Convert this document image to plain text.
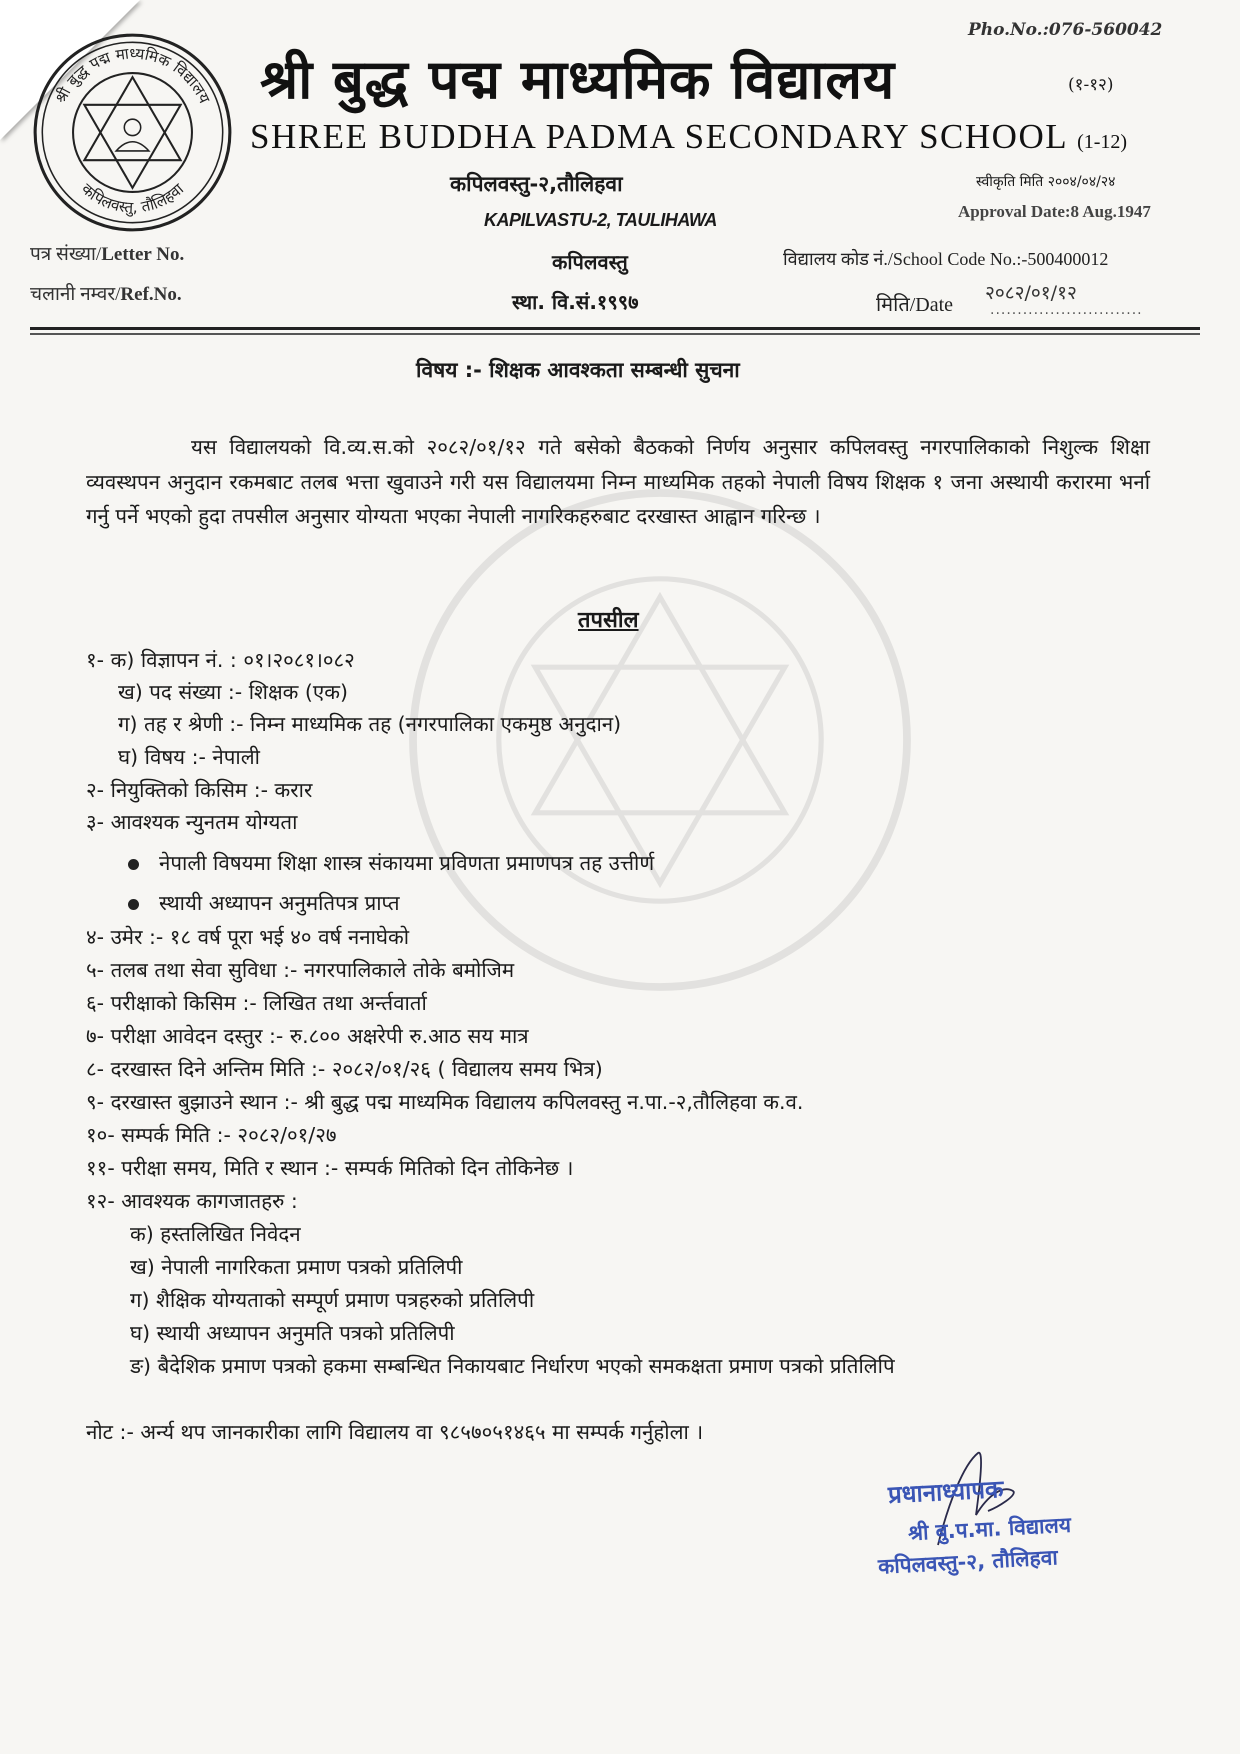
श्री बुद्ध पद्म माध्यमिक विद्यालय
कपिलवस्तु, तौलिहवा
Pho.No.:076-560042
श्री बुद्ध पद्म माध्यमिक विद्यालय	(१-१२)
SHREE BUDDHA PADMA SECONDARY SCHOOL (1-12)
कपिलवस्तु-२,तौलिहवा
KAPILVASTU-2, TAULIHAWA
स्वीकृति मिति २००४/०४/२४
Approval Date:8 Aug.1947
पत्र संख्या/Letter No.
चलानी नम्वर/Ref.No.
कपिलवस्तु
स्था. वि.सं.१९९७
विद्यालय कोड नं./School Code No.:-500400012
मिति/Date
२०८२/०१/१२
............................
विषय :- शिक्षक आवश्कता सम्बन्धी सुचना
यस विद्यालयको वि.व्य.स.को २०८२/०१/१२ गते बसेको बैठकको निर्णय अनुसार कपिलवस्तु नगरपालिकाको निशुल्क शिक्षा व्यवस्थपन अनुदान रकमबाट तलब भत्ता खुवाउने गरी यस विद्यालयमा निम्न माध्यमिक तहको नेपाली विषय शिक्षक १ जना अस्थायी करारमा भर्ना गर्नु पर्ने भएको हुदा तपसील अनुसार योग्यता भएका नेपाली नागरिकहरुबाट दरखास्त आह्वान गरिन्छ ।
तपसील
१- क) विज्ञापन नं. : ०१।२०८१।०८२
ख) पद संख्या :- शिक्षक (एक)
ग) तह र श्रेणी :- निम्न माध्यमिक तह (नगरपालिका एकमुष्ठ अनुदान)
घ) विषय :- नेपाली
२- नियुक्तिको किसिम :- करार
३- आवश्यक न्युनतम योग्यता
नेपाली विषयमा शिक्षा शास्त्र संकायमा प्रविणता प्रमाणपत्र तह उत्तीर्ण
स्थायी अध्यापन अनुमतिपत्र प्राप्त
४- उमेर :- १८ वर्ष पूरा भई ४० वर्ष ननाघेको
५- तलब तथा सेवा सुविधा :- नगरपालिकाले तोके बमोजिम
६- परीक्षाको किसिम :- लिखित तथा अर्न्तवार्ता
७- परीक्षा आवेदन दस्तुर :- रु.८०० अक्षरेपी रु.आठ सय मात्र
८- दरखास्त दिने अन्तिम मिति :- २०८२/०१/२६ ( विद्यालय समय भित्र)
९- दरखास्त बुझाउने स्थान :- श्री बुद्ध पद्म माध्यमिक विद्यालय कपिलवस्तु न.पा.-२,तौलिहवा क.व.
१०- सम्पर्क मिति :- २०८२/०१/२७
११- परीक्षा समय, मिति र स्थान :- सम्पर्क मितिको दिन तोकिनेछ ।
१२- आवश्यक कागजातहरु :
क) हस्तलिखित निवेदन
ख) नेपाली नागरिकता प्रमाण पत्रको प्रतिलिपी
ग) शैक्षिक योग्यताको सम्पूर्ण प्रमाण पत्रहरुको प्रतिलिपी
घ) स्थायी अध्यापन अनुमति पत्रको प्रतिलिपी
ङ) बैदेशिक प्रमाण पत्रको हकमा सम्बन्धित निकायबाट निर्धारण भएको समकक्षता प्रमाण पत्रको प्रतिलिपि
नोट :- अर्न्य थप जानकारीका लागि विद्यालय वा ९८५७०५१४६५ मा सम्पर्क गर्नुहोला ।
प्रधानाध्यापक
श्री बु.प.मा. विद्यालय
कपिलवस्तु-२, तौलिहवा
